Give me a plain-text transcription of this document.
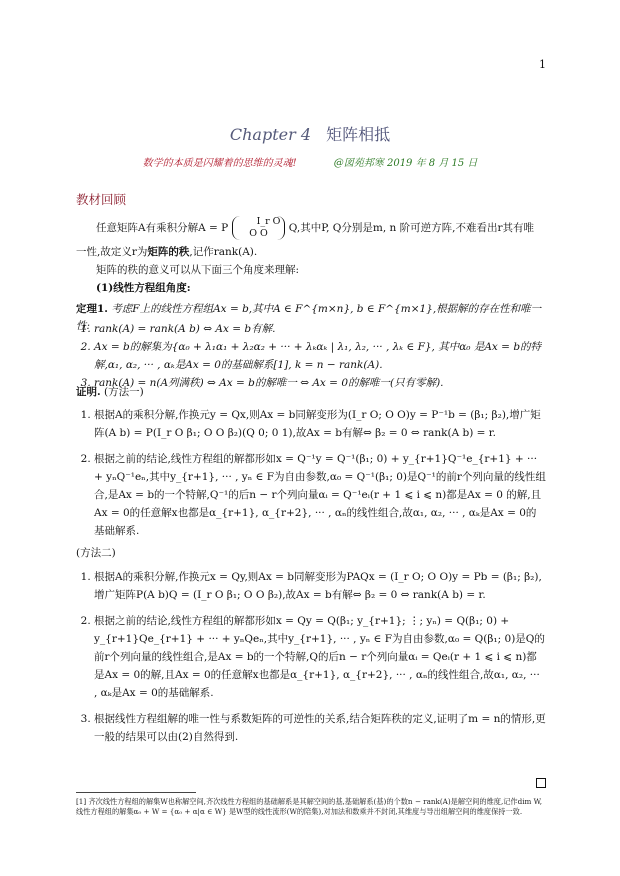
1
Chapter 4 矩阵相抵
数学的本质是闪耀着的思维的灵魂!	@図苑邦寒 2019 年 8 月 15 日
教材回顾
任意矩阵A有乘积分解A = P I_r O
O O Q,其中P, Q分别是m, n 阶可逆方阵,不难看出r其有唯
一性,故定义r为矩阵的秩,记作rank(A).
矩阵的秩的意义可以从下面三个角度来理解:
(1)线性方程组角度:
定理1. 考虑F上的线性方程组Ax = b,其中A ∈ F^{m×n}, b ∈ F^{m×1},根据解的存在性和唯一性:
1. rank(A) = rank(A b) ⇔ Ax = b有解.
2. Ax = b的解集为{α₀ + λ₁α₁ + λ₂α₂ + ··· + λₖαₖ | λ₁, λ₂, ··· , λₖ ∈ F}, 其中α₀ 是Ax = b的特解,α₁, α₂, ··· , αₖ是Ax = 0的基础解系[1], k = n − rank(A).
3. rank(A) = n(A列满秩) ⇔ Ax = b的解唯一 ⇔ Ax = 0的解唯一(只有零解).
证明. (方法一)
1. 根据A的乘积分解,作换元y = Qx,则Ax = b同解变形为(I_r O; O O)y = P⁻¹b = (β₁; β₂),增广矩阵(A b) = P(I_r O β₁; O O β₂)(Q 0; 0 1),故Ax = b有解⇔ β₂ = 0 ⇔ rank(A b) = r.
2. 根据之前的结论,线性方程组的解都形如x = Q⁻¹y = Q⁻¹(β₁; 0) + y_{r+1}Q⁻¹e_{r+1} + ··· + yₙQ⁻¹eₙ,其中y_{r+1}, ··· , yₙ ∈ F为自由参数,α₀ = Q⁻¹(β₁; 0)是Q⁻¹的前r个列向量的线性组合,是Ax = b的一个特解,Q⁻¹的后n − r个列向量αᵢ = Q⁻¹eᵢ(r + 1 ⩽ i ⩽ n)都是Ax = 0 的解,且Ax = 0的任意解x也都是α_{r+1}, α_{r+2}, ··· , αₙ的线性组合,故α₁, α₂, ··· , αₖ是Ax = 0的基础解系.
(方法二)
1. 根据A的乘积分解,作换元x = Qy,则Ax = b同解变形为PAQx = (I_r O; O O)y = Pb = (β₁; β₂),增广矩阵P(A b)Q = (I_r O β₁; O O β₂),故Ax = b有解⇔ β₂ = 0 ⇔ rank(A b) = r.
2. 根据之前的结论,线性方程组的解都形如x = Qy = Q(β₁; y_{r+1}; ⋮; yₙ) = Q(β₁; 0) + y_{r+1}Qe_{r+1} + ··· + yₙQeₙ,其中y_{r+1}, ··· , yₙ ∈ F为自由参数,α₀ = Q(β₁; 0)是Q的前r个列向量的线性组合,是Ax = b的一个特解,Q的后n − r个列向量αᵢ = Qeᵢ(r + 1 ⩽ i ⩽ n)都是Ax = 0的解,且Ax = 0的任意解x也都是α_{r+1}, α_{r+2}, ··· , αₙ的线性组合,故α₁, α₂, ··· , αₖ是Ax = 0的基础解系.
3. 根据线性方程组解的唯一性与系数矩阵的可逆性的关系,结合矩阵秩的定义,证明了m = n的情形,更一般的结果可以由(2)自然得到.
[1] 齐次线性方程组的解集W也称解空间,齐次线性方程组的基础解系是其解空间的基,基础解系(基)的个数n − rank(A)是解空间的维度,记作dim W,线性方程组的解集α₀ + W = {α₀ + α|α ∈ W} 是W型的线性流形(W的陪集),对加法和数乘并不封闭,其维度与导出组解空间的维度保持一致.
